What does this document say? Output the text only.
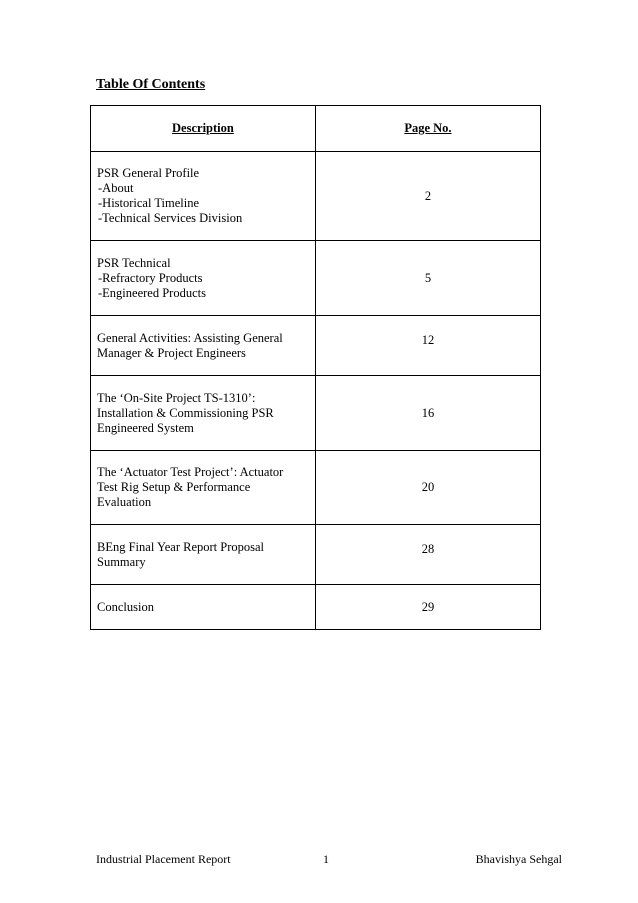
Table Of Contents
Description	Page No.

PSR General Profile
-About
-Historical Timeline
-Technical Services Division	2

PSR Technical
-Refractory Products
-Engineered Products	5

General Activities: Assisting General
Manager & Project Engineers	12

The ‘On-Site Project TS-1310’:
Installation & Commissioning PSR
Engineered System	16

The ‘Actuator Test Project’: Actuator
Test Rig Setup & Performance
Evaluation	20

BEng Final Year Report Proposal
Summary	28

Conclusion	29
Industrial Placement Report	1	Bhavishya Sehgal
